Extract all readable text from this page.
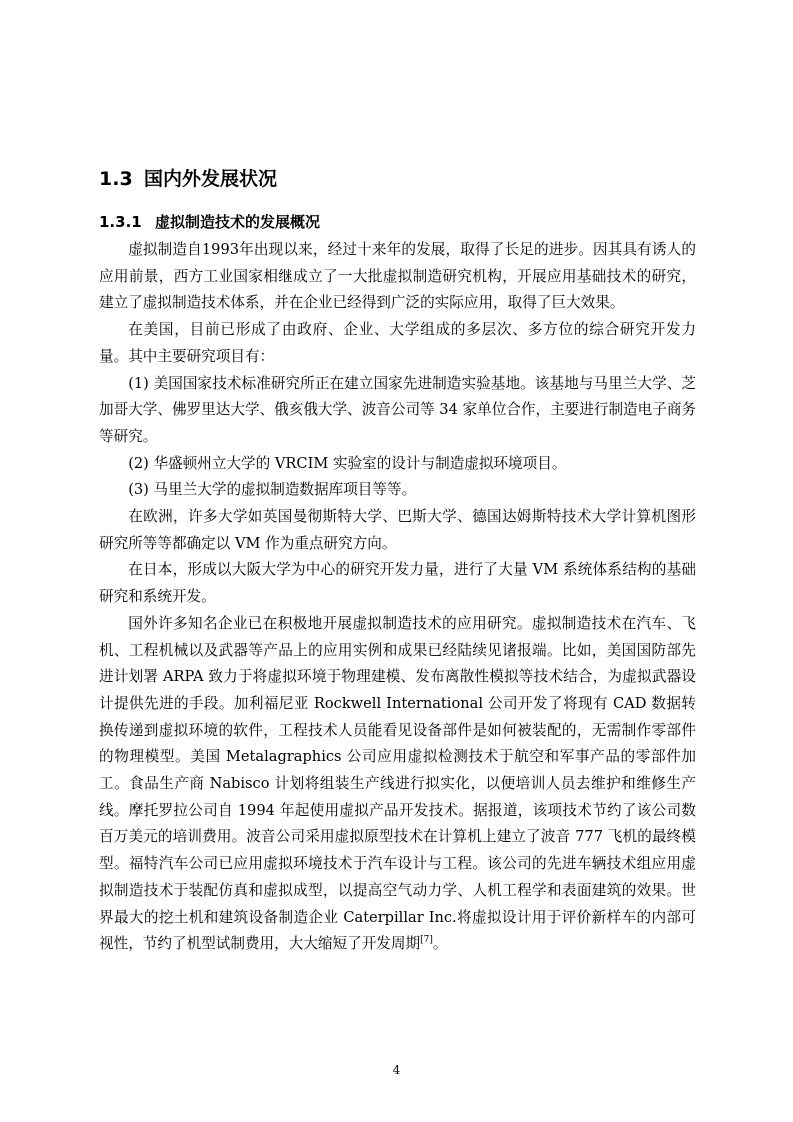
1.3 国内外发展状况
1.3.1 虚拟制造技术的发展概况

虚拟制造自1993年出现以来，经过十来年的发展，取得了长足的进步。因其具有诱人的应用前景，西方工业国家相继成立了一大批虚拟制造研究机构，开展应用基础技术的研究，建立了虚拟制造技术体系，并在企业已经得到广泛的实际应用，取得了巨大效果。

在美国，目前已形成了由政府、企业、大学组成的多层次、多方位的综合研究开发力量。其中主要研究项目有：

(1) 美国国家技术标准研究所正在建立国家先进制造实验基地。该基地与马里兰大学、芝加哥大学、佛罗里达大学、俄亥俄大学、波音公司等 34 家单位合作，主要进行制造电子商务等研究。

(2) 华盛顿州立大学的 VRCIM 实验室的设计与制造虚拟环境项目。

(3) 马里兰大学的虚拟制造数据库项目等等。

在欧洲，许多大学如英国曼彻斯特大学、巴斯大学、德国达姆斯特技术大学计算机图形研究所等等都确定以 VM 作为重点研究方向。

在日本，形成以大阪大学为中心的研究开发力量，进行了大量 VM 系统体系结构的基础研究和系统开发。

国外许多知名企业已在积极地开展虚拟制造技术的应用研究。虚拟制造技术在汽车、飞机、工程机械以及武器等产品上的应用实例和成果已经陆续见诸报端。比如，美国国防部先进计划署 ARPA 致力于将虚拟环境于物理建模、发布离散性模拟等技术结合，为虚拟武器设计提供先进的手段。加利福尼亚 Rockwell International 公司开发了将现有 CAD 数据转换传递到虚拟环境的软件，工程技术人员能看见设备部件是如何被装配的，无需制作零部件的物理模型。美国 Metalagraphics 公司应用虚拟检测技术于航空和军事产品的零部件加工。食品生产商 Nabisco 计划将组装生产线进行拟实化，以便培训人员去维护和维修生产线。摩托罗拉公司自 1994 年起使用虚拟产品开发技术。据报道，该项技术节约了该公司数百万美元的培训费用。波音公司采用虚拟原型技术在计算机上建立了波音 777 飞机的最终模型。福特汽车公司已应用虚拟环境技术于汽车设计与工程。该公司的先进车辆技术组应用虚拟制造技术于装配仿真和虚拟成型，以提高空气动力学、人机工程学和表面建筑的效果。世界最大的挖土机和建筑设备制造企业 Caterpillar Inc.将虚拟设计用于评价新样车的内部可视性，节约了机型试制费用，大大缩短了开发周期[7]。

4
